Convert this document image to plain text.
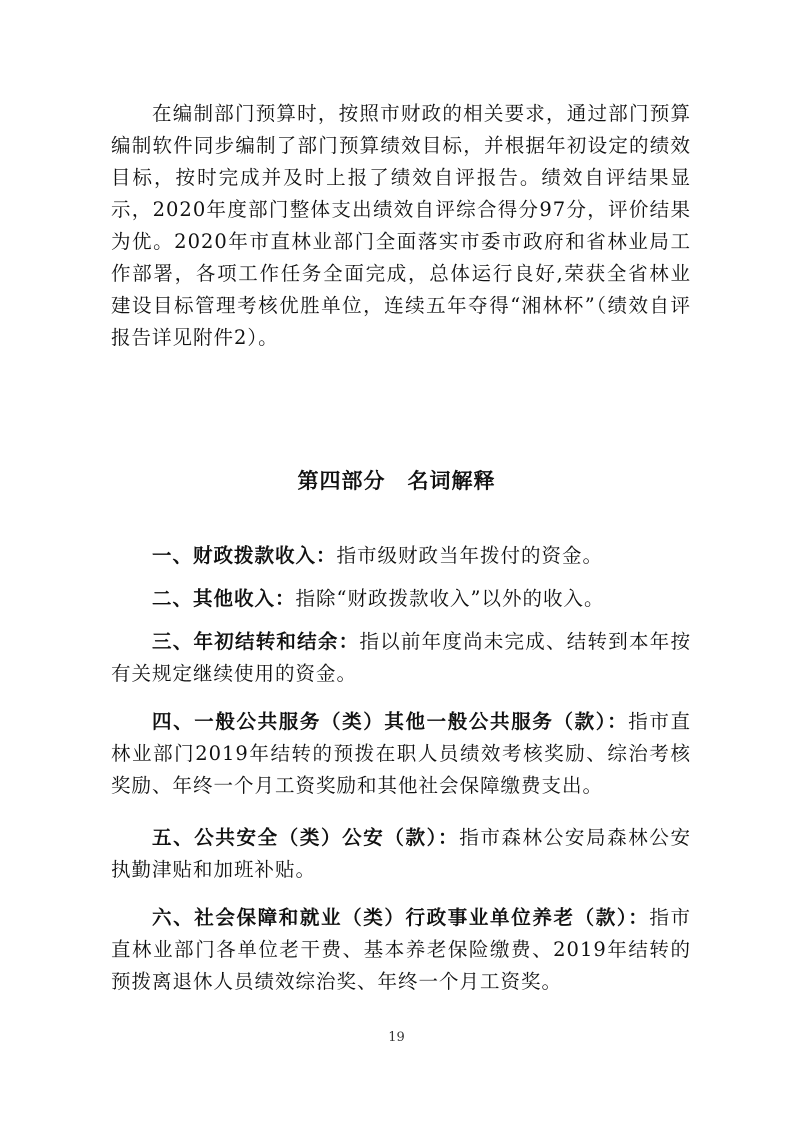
在编制部门预算时，按照市财政的相关要求，通过部门预算编制软件同步编制了部门预算绩效目标，并根据年初设定的绩效目标，按时完成并及时上报了绩效自评报告。绩效自评结果显示，2020年度部门整体支出绩效自评综合得分97分，评价结果为优。2020年市直林业部门全面落实市委市政府和省林业局工作部署，各项工作任务全面完成，总体运行良好,荣获全省林业建设目标管理考核优胜单位，连续五年夺得“湘林杯”（绩效自评报告详见附件2）。

第四部分 名词解释

一、财政拨款收入：指市级财政当年拨付的资金。

二、其他收入：指除“财政拨款收入”以外的收入。

三、年初结转和结余：指以前年度尚未完成、结转到本年按有关规定继续使用的资金。

四、一般公共服务（类）其他一般公共服务（款）：指市直林业部门2019年结转的预拨在职人员绩效考核奖励、综治考核奖励、年终一个月工资奖励和其他社会保障缴费支出。

五、公共安全（类）公安（款）：指市森林公安局森林公安执勤津贴和加班补贴。

六、社会保障和就业（类）行政事业单位养老（款）：指市直林业部门各单位老干费、基本养老保险缴费、2019年结转的预拨离退休人员绩效综治奖、年终一个月工资奖。

19
